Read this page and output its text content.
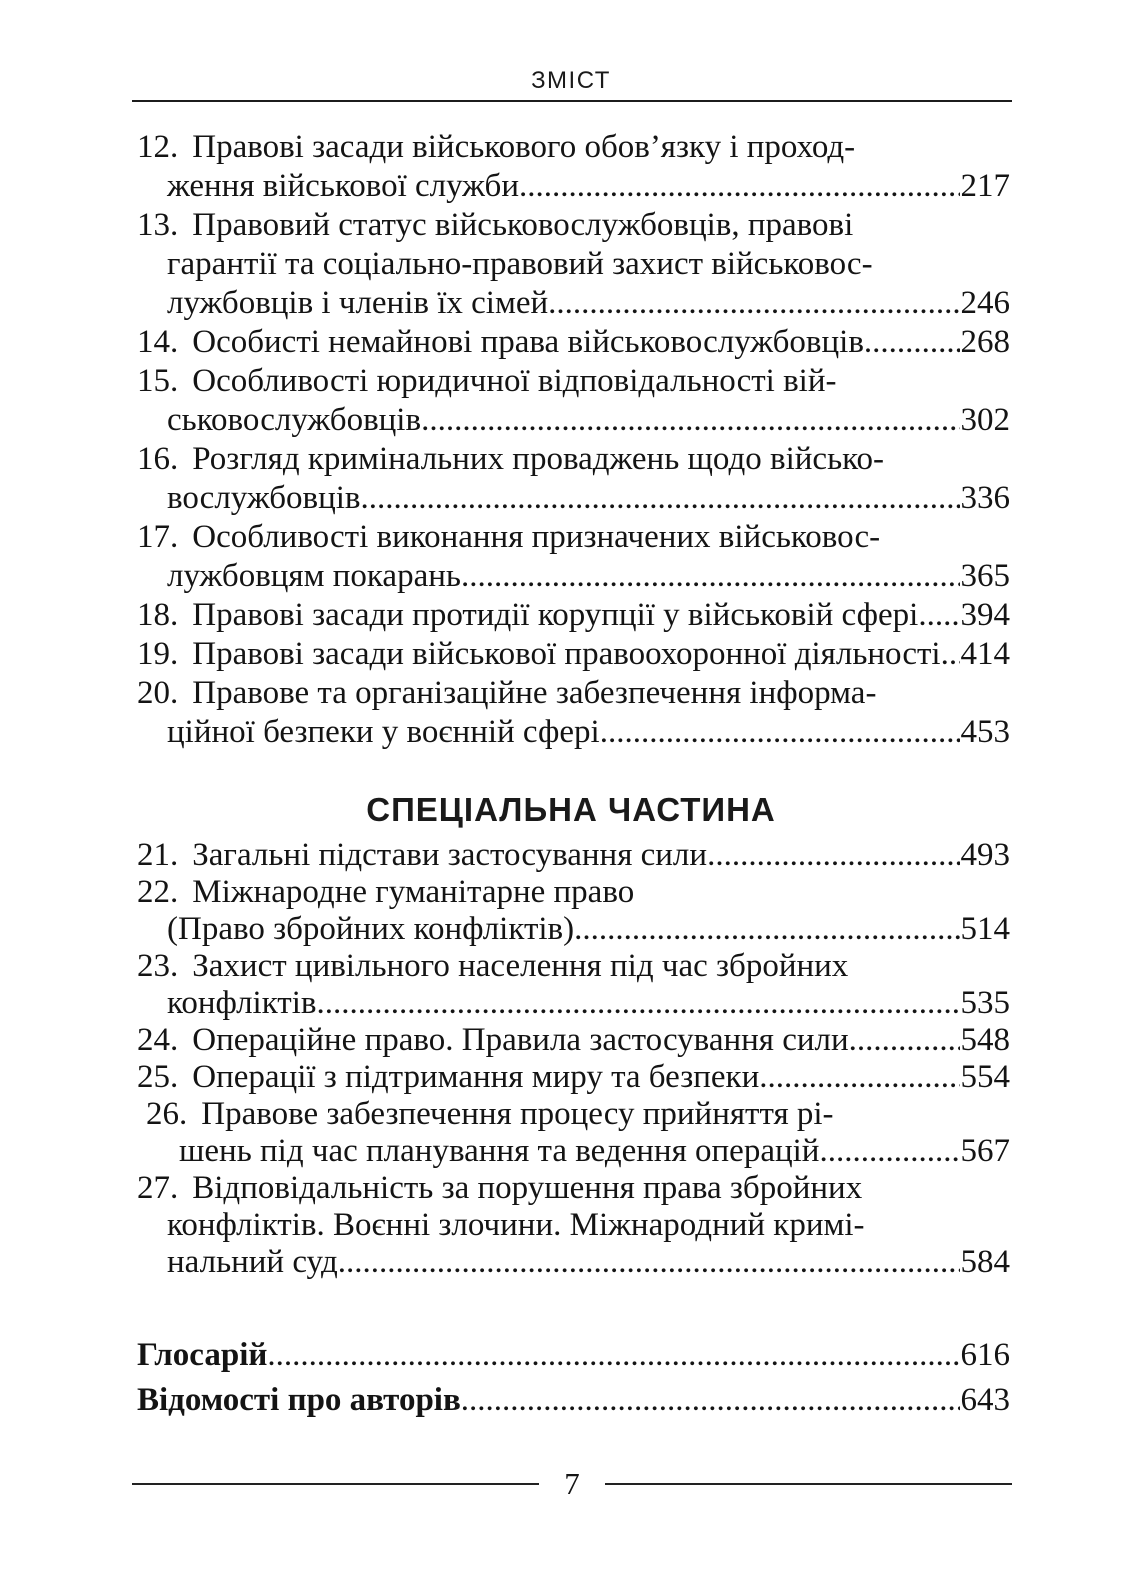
ЗМІСТ
12. Правові засади військового обов’язку і проход-
ження військової служби .....	217
13. Правовий статус військовослужбовців, правові
гарантії та соціально-правовий захист військовос-
лужбовців і членів їх сімей .....	246
14. Особисті немайнові права військовослужбовців .....	268
15. Особливості юридичної відповідальності вій-
ськовослужбовців .....	302
16. Розгляд кримінальних проваджень щодо військо-
вослужбовців .....	336
17. Особливості виконання призначених військовос-
лужбовцям покарань .....	365
18. Правові засади протидії корупції у військовій сфері ..... 394
19. Правові засади військової правоохоронної діяльності ..... 414
20. Правове та організаційне забезпечення інформа-
ційної безпеки у воєнній сфері .....	453
СПЕЦІАЛЬНА ЧАСТИНА
21. Загальні підстави застосування сили .....	493
22. Міжнародне гуманітарне право
(Право збройних конфліктів) .....	514
23. Захист цивільного населення під час збройних
конфліктів .....	535
24. Операційне право. Правила застосування сили .....	548
25. Операції з підтримання миру та безпеки .....	554
26. Правове забезпечення процесу прийняття рі-
шень під час планування та ведення операцій .....	567
27. Відповідальність за порушення права збройних
конфліктів. Воєнні злочини. Міжнародний кримі-
нальний суд. .....	584
Глосарій .....	616
Відомості про авторів .....	643
7
